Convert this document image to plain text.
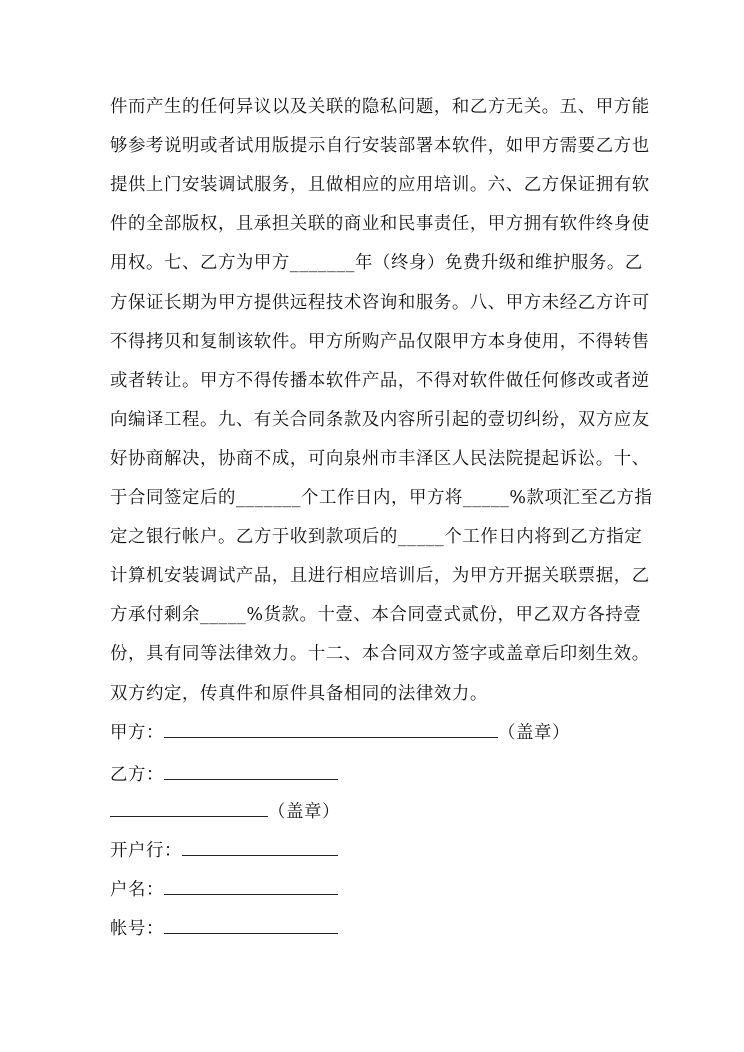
件而产生的任何异议以及关联的隐私问题，和乙方无关。五、甲方能
够参考说明或者试用版提示自行安装部署本软件，如甲方需要乙方也
提供上门安装调试服务，且做相应的应用培训。六、乙方保证拥有软
件的全部版权，且承担关联的商业和民事责任，甲方拥有软件终身使
用权。七、乙方为甲方_______年（终身）免费升级和维护服务。乙
方保证长期为甲方提供远程技术咨询和服务。八、甲方未经乙方许可
不得拷贝和复制该软件。甲方所购产品仅限甲方本身使用，不得转售
或者转让。甲方不得传播本软件产品，不得对软件做任何修改或者逆
向编译工程。九、有关合同条款及内容所引起的壹切纠纷，双方应友
好协商解决，协商不成，可向泉州市丰泽区人民法院提起诉讼。十、
于合同签定后的_______个工作日内，甲方将_____%款项汇至乙方指
定之银行帐户。乙方于收到款项后的_____个工作日内将到乙方指定
计算机安装调试产品，且进行相应培训后，为甲方开据关联票据，乙
方承付剩余_____%货款。十壹、本合同壹式贰份，甲乙双方各持壹
份，具有同等法律效力。十二、本合同双方签字或盖章后印刻生效。
双方约定，传真件和原件具备相同的法律效力。
甲方：	（盖章）
乙方：
（盖章）
开户行：
户名：
帐号：
